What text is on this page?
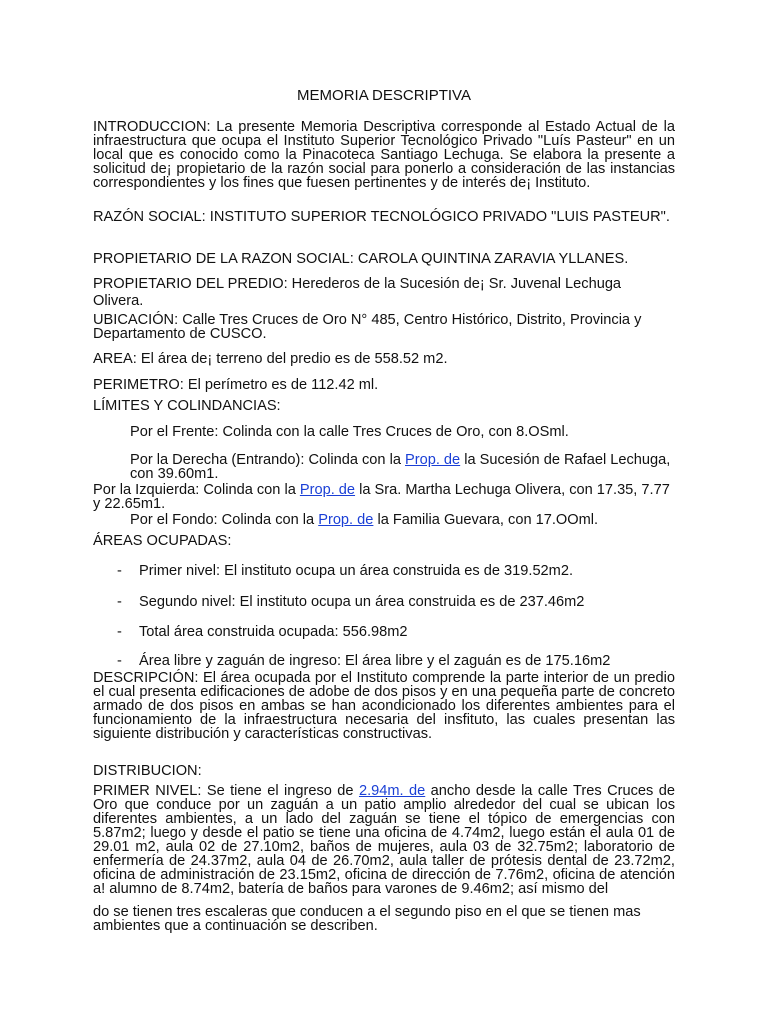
MEMORIA DESCRIPTIVA
INTRODUCCION: La presente Memoria Descriptiva corresponde al Estado Actual de la infraestructura que ocupa el Instituto Superior Tecnológico Privado "Luís Pasteur" en un local que es conocido como la Pinacoteca Santiago Lechuga. Se elabora la presente a solicitud de¡ propietario de la razón social para ponerlo a consideración de las instancias correspondientes y los fines que fuesen pertinentes y de interés de¡ Instituto.
RAZÓN SOCIAL: INSTITUTO SUPERIOR TECNOLÓGICO PRIVADO "LUIS PASTEUR".
PROPIETARIO DE LA RAZON SOCIAL: CAROLA QUINTINA ZARAVIA YLLANES.
PROPIETARIO DEL PREDIO: Herederos de la Sucesión de¡ Sr. Juvenal Lechuga Olivera.
UBICACIÓN: Calle Tres Cruces de Oro N° 485, Centro Histórico, Distrito, Provincia y Departamento de CUSCO.
AREA: El área de¡ terreno del predio es de 558.52 m2.
PERIMETRO: El perímetro es de 112.42 ml.
LÍMITES Y COLINDANCIAS:
Por el Frente: Colinda con la calle Tres Cruces de Oro, con 8.OSml.
Por la Derecha (Entrando): Colinda con la Prop. de la Sucesión de Rafael Lechuga, con 39.60m1.
Por la Izquierda: Colinda con la Prop. de la Sra. Martha Lechuga Olivera, con 17.35, 7.77 y 22.65m1.
Por el Fondo: Colinda con la Prop. de la Familia Guevara, con 17.OOml.
ÁREAS OCUPADAS:
- Primer nivel: El instituto ocupa un área construida es de 319.52m2.
- Segundo nivel: El instituto ocupa un área construida es de 237.46m2
- Total área construida ocupada: 556.98m2
- Área libre y zaguán de ingreso: El área libre y el zaguán es de 175.16m2
DESCRIPCIÓN: El área ocupada por el Instituto comprende la parte interior de un predio el cual presenta edificaciones de adobe de dos pisos y en una pequeña parte de concreto armado de dos pisos en ambas se han acondicionado los diferentes ambientes para el funcionamiento de la infraestructura necesaria del insfituto, las cuales presentan las siguiente distribución y características constructivas.
DISTRIBUCION:
PRIMER NIVEL: Se tiene el ingreso de 2.94m. de ancho desde la calle Tres Cruces de Oro que conduce por un zaguán a un patio amplio alrededor del cual se ubican los diferentes ambientes, a un lado del zaguán se tiene el tópico de emergencias con 5.87m2; luego y desde el patio se tiene una oficina de 4.74m2, luego están el aula 01 de 29.01 m2, aula 02 de 27.10m2, baños de mujeres, aula 03 de 32.75m2; laboratorio de enfermería de 24.37m2, aula 04 de 26.70m2, aula taller de prótesis dental de 23.72m2, oficina de administración de 23.15m2, oficina de dirección de 7.76m2, oficina de atención a! alumno de 8.74m2, batería de baños para varones de 9.46m2; así mismo del
do se tienen tres escaleras que conducen a el segundo piso en el que se tienen mas ambientes que a continuación se describen.
